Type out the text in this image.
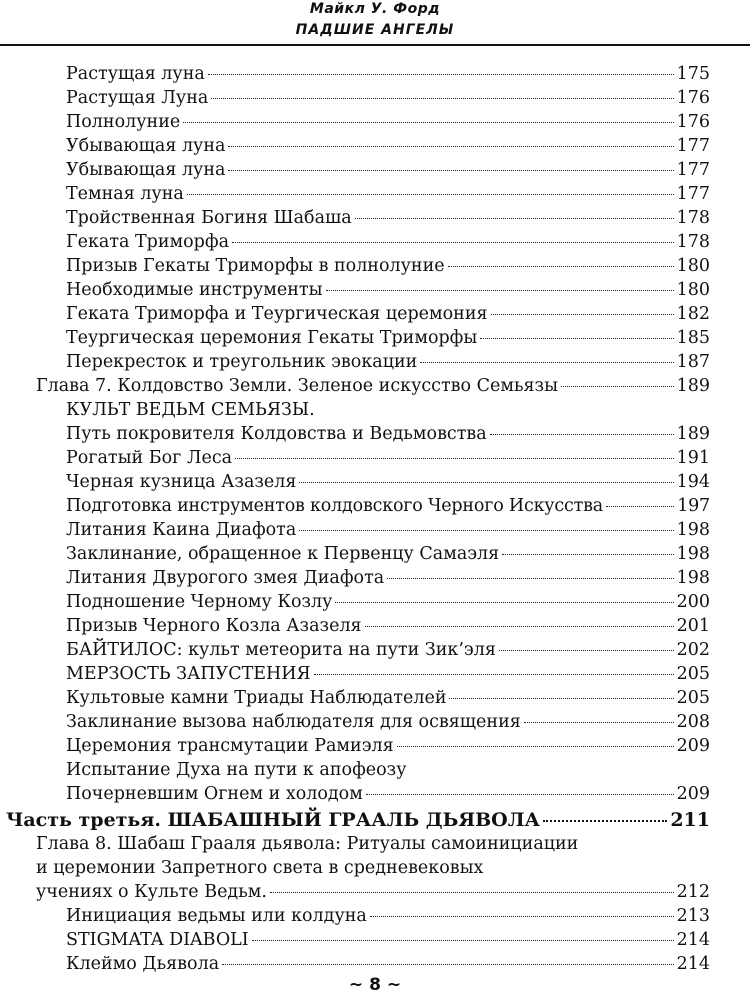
Майкл У. Форд
ПАДШИЕ АНГЕЛЫ
Растущая луна	175
Растущая Луна	176
Полнолуние	176
Убывающая луна	177
Убывающая луна	177
Темная луна	177
Тройственная Богиня Шабаша	178
Геката Триморфа	178
Призыв Гекаты Триморфы в полнолуние	180
Необходимые инструменты	180
Геката Триморфа и Теургическая церемония	182
Теургическая церемония Гекаты Триморфы	185
Перекресток и треугольник эвокации	187
Глава 7. Колдовство Земли. Зеленое искусство Семьязы	189
КУЛЬТ ВЕДЬМ СЕМЬЯЗЫ.
Путь покровителя Колдовства и Ведьмовства	189
Рогатый Бог Леса	191
Черная кузница Азазеля	194
Подготовка инструментов колдовского Черного Искусства	197
Литания Каина Диафота	198
Заклинание, обращенное к Первенцу Самаэля	198
Литания Двурогого змея Диафота	198
Подношение Черному Козлу	200
Призыв Черного Козла Азазеля	201
БАЙТИЛОС: культ метеорита на пути Зик’эля	202
МЕРЗОСТЬ ЗАПУСТЕНИЯ	205
Культовые камни Триады Наблюдателей	205
Заклинание вызова наблюдателя для освящения	208
Церемония трансмутации Рамиэля	209
Испытание Духа на пути к апофеозу
Почерневшим Огнем и холодом	209
Часть третья. ШАБАШНЫЙ ГРААЛЬ ДЬЯВОЛА	211
Глава 8. Шабаш Грааля дьявола: Ритуалы самоинициации
и церемонии Запретного света в средневековых
учениях о Культе Ведьм.	212
Инициация ведьмы или колдуна	213
STIGMATA DIABOLI	214
Клеймо Дьявола	214
~ 8 ~
